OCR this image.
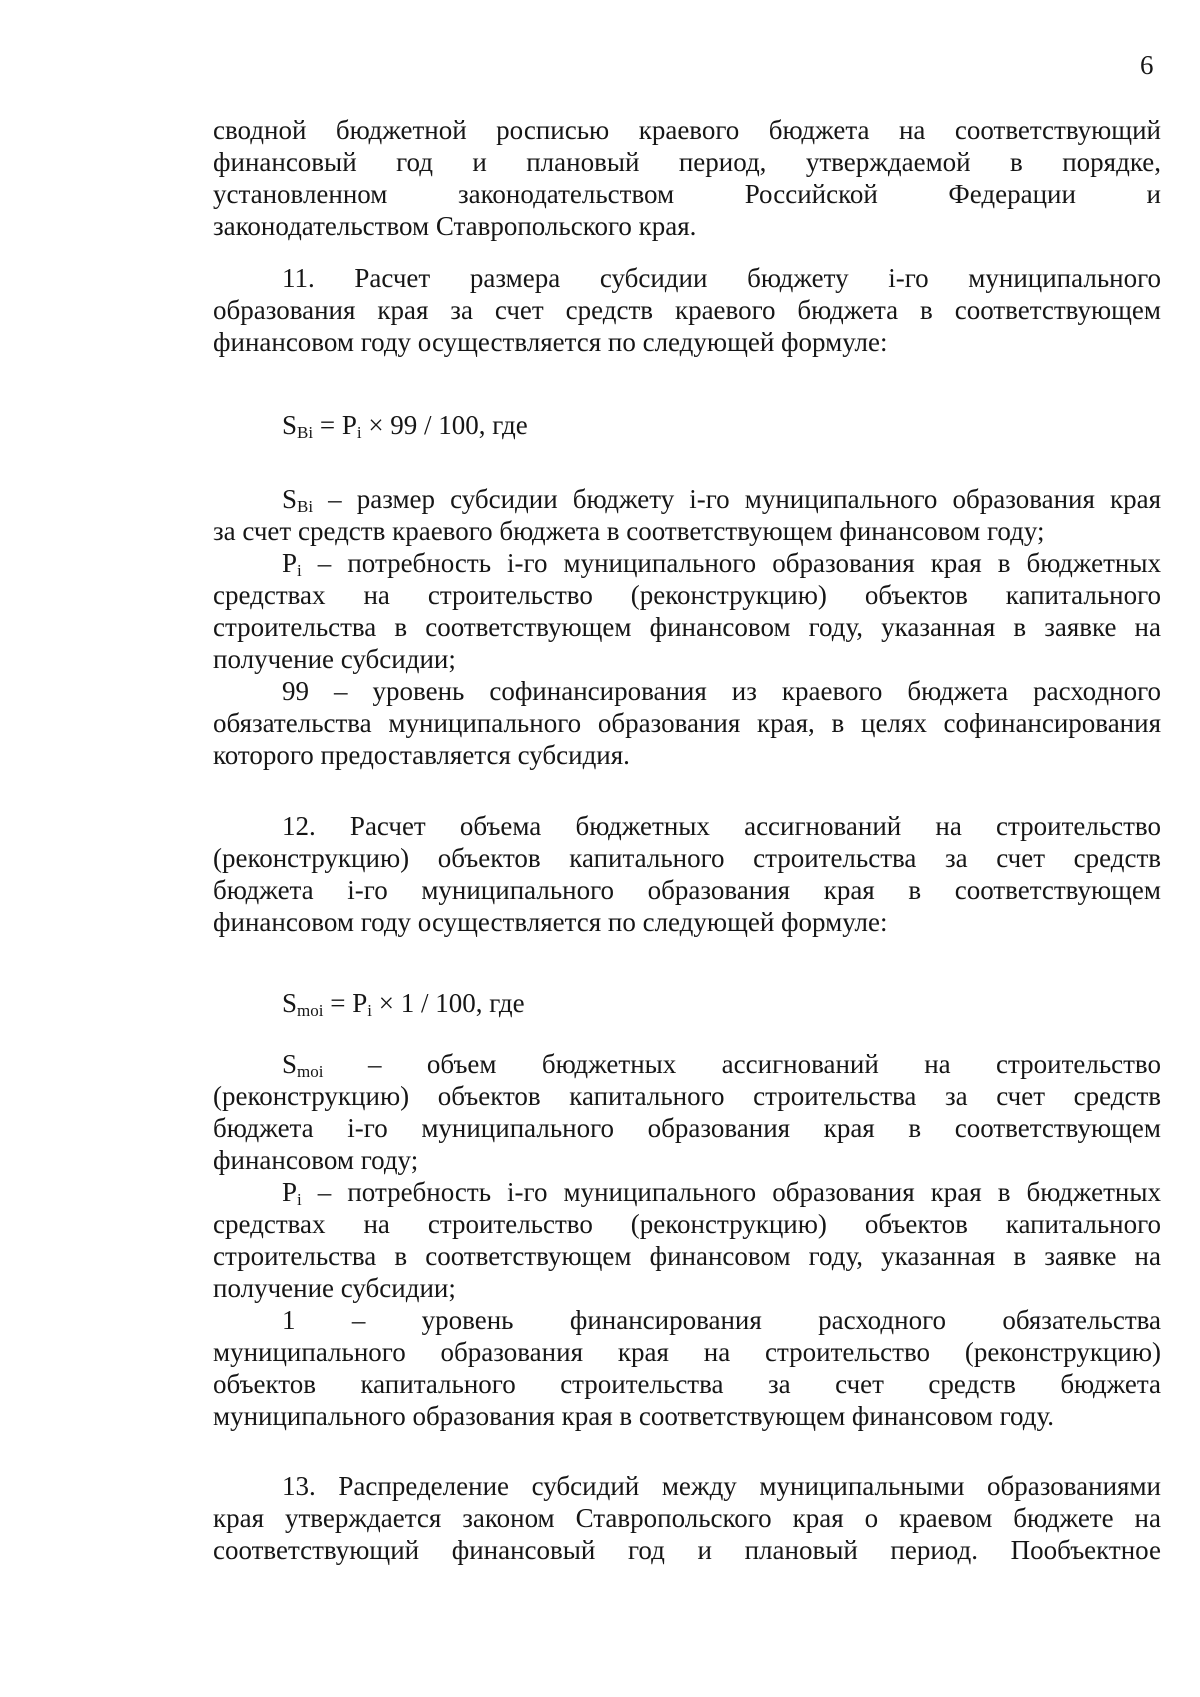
6
сводной бюджетной росписью краевого бюджета на соответствующий
финансовый год и плановый период, утверждаемой в порядке,
установленном законодательством Российской Федерации и
законодательством Ставропольского края.
11. Расчет размера субсидии бюджету i-го муниципального
образования края за счет средств краевого бюджета в соответствующем
финансовом году осуществляется по следующей формуле:
$S_{Bi} = P_i \times 99 / 100$, где
$S_{Bi}$ – размер субсидии бюджету i-го муниципального образования края
за счет средств краевого бюджета в соответствующем финансовом году;
$P_i$ – потребность i-го муниципального образования края в бюджетных
средствах на строительство (реконструкцию) объектов капитального
строительства в соответствующем финансовом году, указанная в заявке на
получение субсидии;
99 – уровень софинансирования из краевого бюджета расходного
обязательства муниципального образования края, в целях софинансирования
которого предоставляется субсидия.
12. Расчет объема бюджетных ассигнований на строительство
(реконструкцию) объектов капитального строительства за счет средств
бюджета i-го муниципального образования края в соответствующем
финансовом году осуществляется по следующей формуле:
$S_{moi} = P_i \times 1 / 100$, где
$S_{moi}$	– объем бюджетных ассигнований на строительство
(реконструкцию) объектов капитального строительства за счет средств
бюджета i-го муниципального образования края в соответствующем
финансовом году;
$P_i$ – потребность i-го муниципального образования края в бюджетных
средствах на строительство (реконструкцию) объектов капитального
строительства в соответствующем финансовом году, указанная в заявке на
получение субсидии;
1 – уровень финансирования расходного обязательства
муниципального образования края на строительство (реконструкцию)
объектов капитального строительства за счет средств бюджета
муниципального образования края в соответствующем финансовом году.
13. Распределение субсидий между муниципальными образованиями
края утверждается законом Ставропольского края о краевом бюджете на
соответствующий финансовый год и плановый период. Пообъектное
